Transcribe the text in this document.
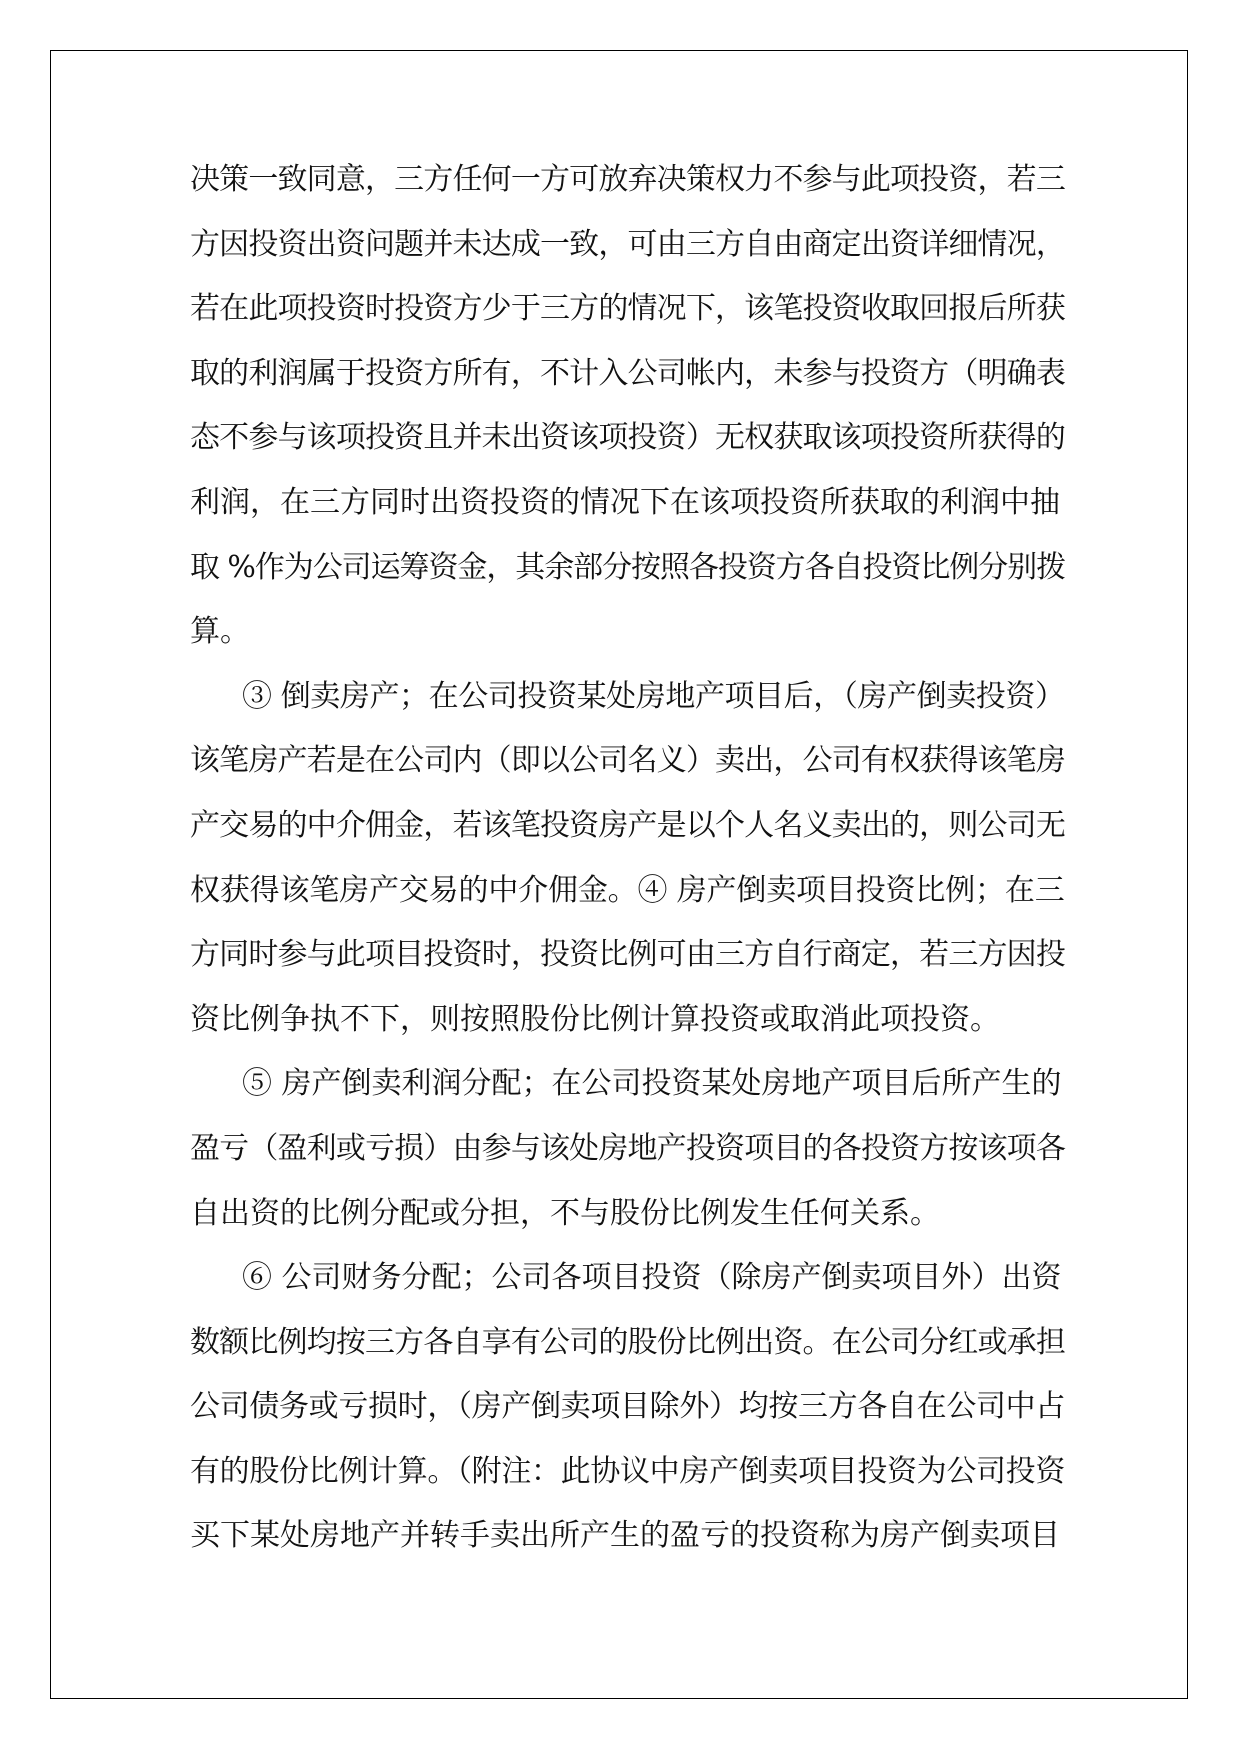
决策一致同意，三方任何一方可放弃决策权力不参与此项投资，若三
方因投资出资问题并未达成一致，可由三方自由商定出资详细情况，
若在此项投资时投资方少于三方的情况下，该笔投资收取回报后所获
取的利润属于投资方所有，不计入公司帐内，未参与投资方（明确表
态不参与该项投资且并未出资该项投资）无权获取该项投资所获得的
利润，在三方同时出资投资的情况下在该项投资所获取的利润中抽
取 %作为公司运筹资金，其余部分按照各投资方各自投资比例分别拨
算。
③ 倒卖房产；在公司投资某处房地产项目后，（房产倒卖投资）
该笔房产若是在公司内（即以公司名义）卖出，公司有权获得该笔房
产交易的中介佣金，若该笔投资房产是以个人名义卖出的，则公司无
权获得该笔房产交易的中介佣金。④ 房产倒卖项目投资比例；在三
方同时参与此项目投资时，投资比例可由三方自行商定，若三方因投
资比例争执不下，则按照股份比例计算投资或取消此项投资。
⑤ 房产倒卖利润分配；在公司投资某处房地产项目后所产生的
盈亏（盈利或亏损）由参与该处房地产投资项目的各投资方按该项各
自出资的比例分配或分担，不与股份比例发生任何关系。
⑥ 公司财务分配；公司各项目投资（除房产倒卖项目外）出资
数额比例均按三方各自享有公司的股份比例出资。在公司分红或承担
公司债务或亏损时，（房产倒卖项目除外）均按三方各自在公司中占
有的股份比例计算。（附注：此协议中房产倒卖项目投资为公司投资
买下某处房地产并转手卖出所产生的盈亏的投资称为房产倒卖项目
